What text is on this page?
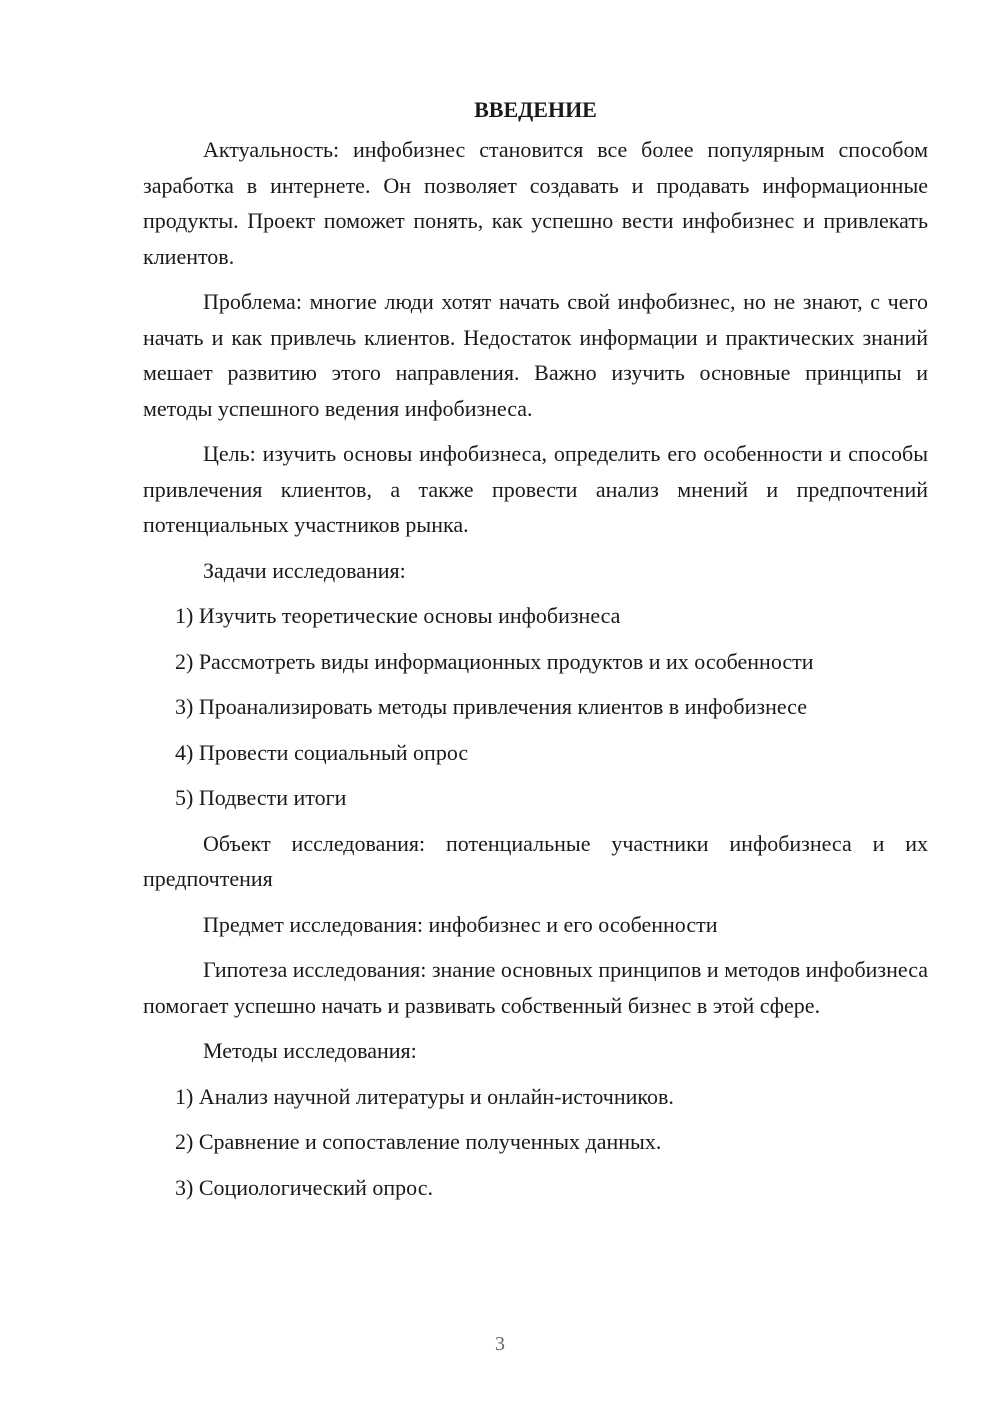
ВВЕДЕНИЕ

Актуальность: инфобизнес становится все более популярным способом заработка в интернете. Он позволяет создавать и продавать информационные продукты. Проект поможет понять, как успешно вести инфобизнес и привлекать клиентов.

Проблема: многие люди хотят начать свой инфобизнес, но не знают, с чего начать и как привлечь клиентов. Недостаток информации и практических знаний мешает развитию этого направления. Важно изучить основные принципы и методы успешного ведения инфобизнеса.

Цель: изучить основы инфобизнеса, определить его особенности и способы привлечения клиентов, а также провести анализ мнений и предпочтений потенциальных участников рынка.

Задачи исследования:
1) Изучить теоретические основы инфобизнеса
2) Рассмотреть виды информационных продуктов и их особенности
3) Проанализировать методы привлечения клиентов в инфобизнесе
4) Провести социальный опрос
5) Подвести итоги

Объект исследования: потенциальные участники инфобизнеса и их предпочтения

Предмет исследования: инфобизнес и его особенности

Гипотеза исследования: знание основных принципов и методов инфобизнеса помогает успешно начать и развивать собственный бизнес в этой сфере.

Методы исследования:
1) Анализ научной литературы и онлайн-источников.
2) Сравнение и сопоставление полученных данных.
3) Социологический опрос.
3
